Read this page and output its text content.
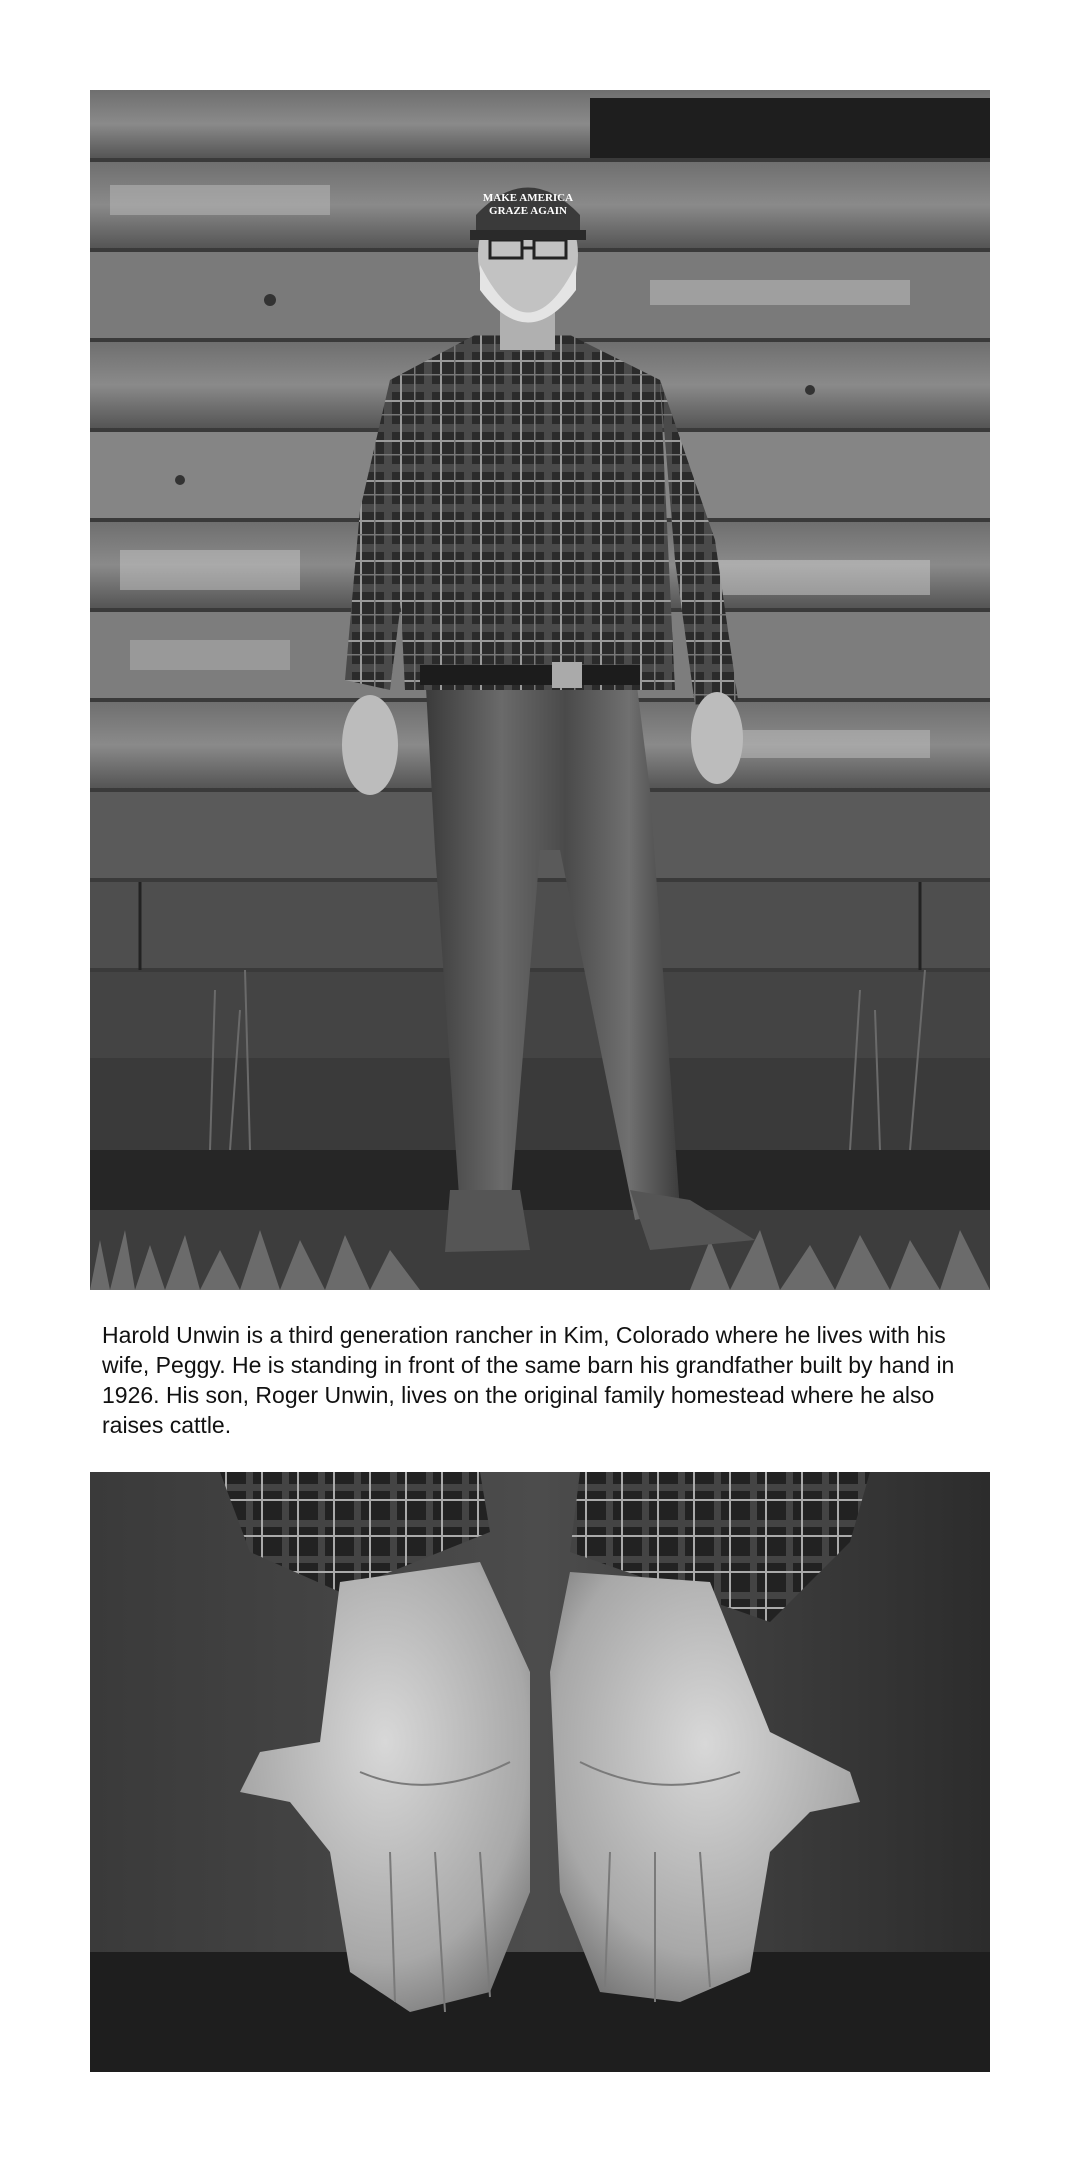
MAKE AMERICA
GRAZE AGAIN

Harold Unwin is a third generation rancher in Kim, Colorado where he lives with his wife, Peggy. He is standing in front of the same barn his grandfather built by hand in 1926. His son, Roger Unwin, lives on the original family homestead where he also raises cattle.
